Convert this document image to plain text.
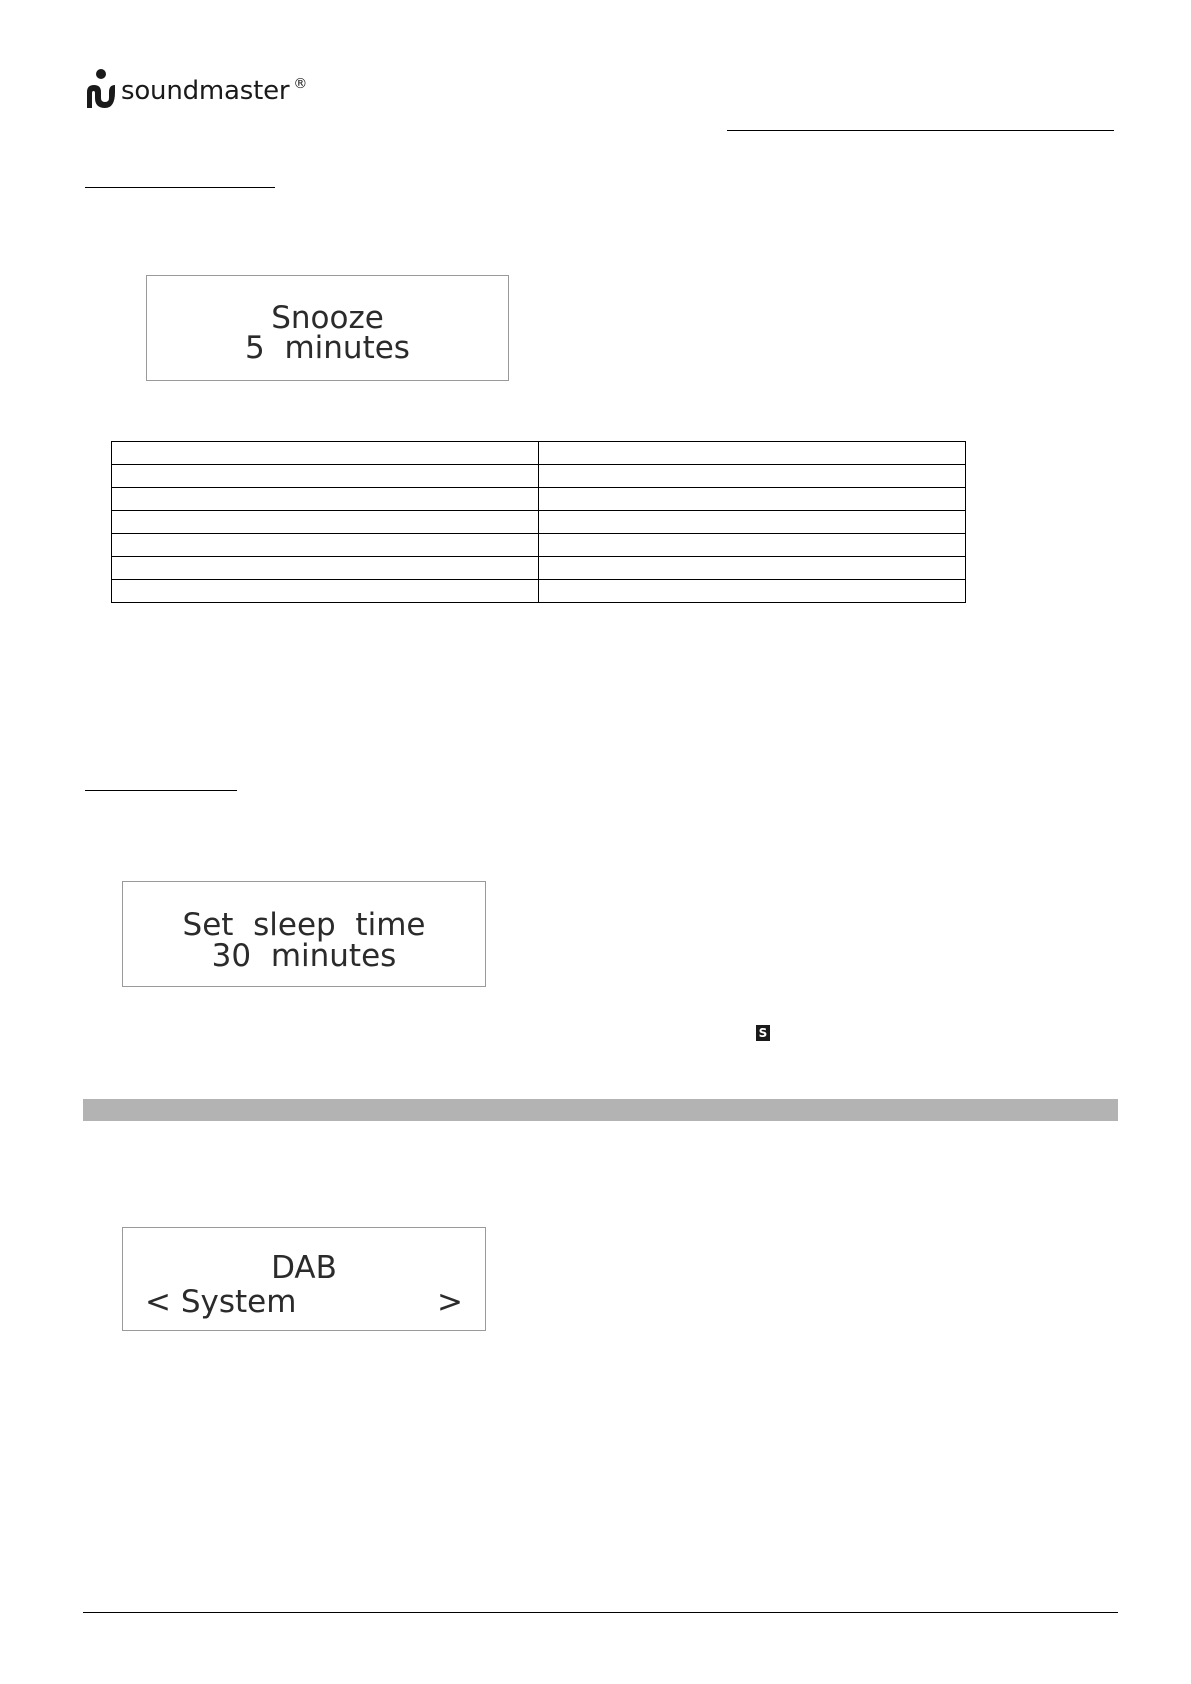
soundmaster ®
Snooze
5  minutes

Set  sleep  time
30  minutes
S
DAB
< System	>
